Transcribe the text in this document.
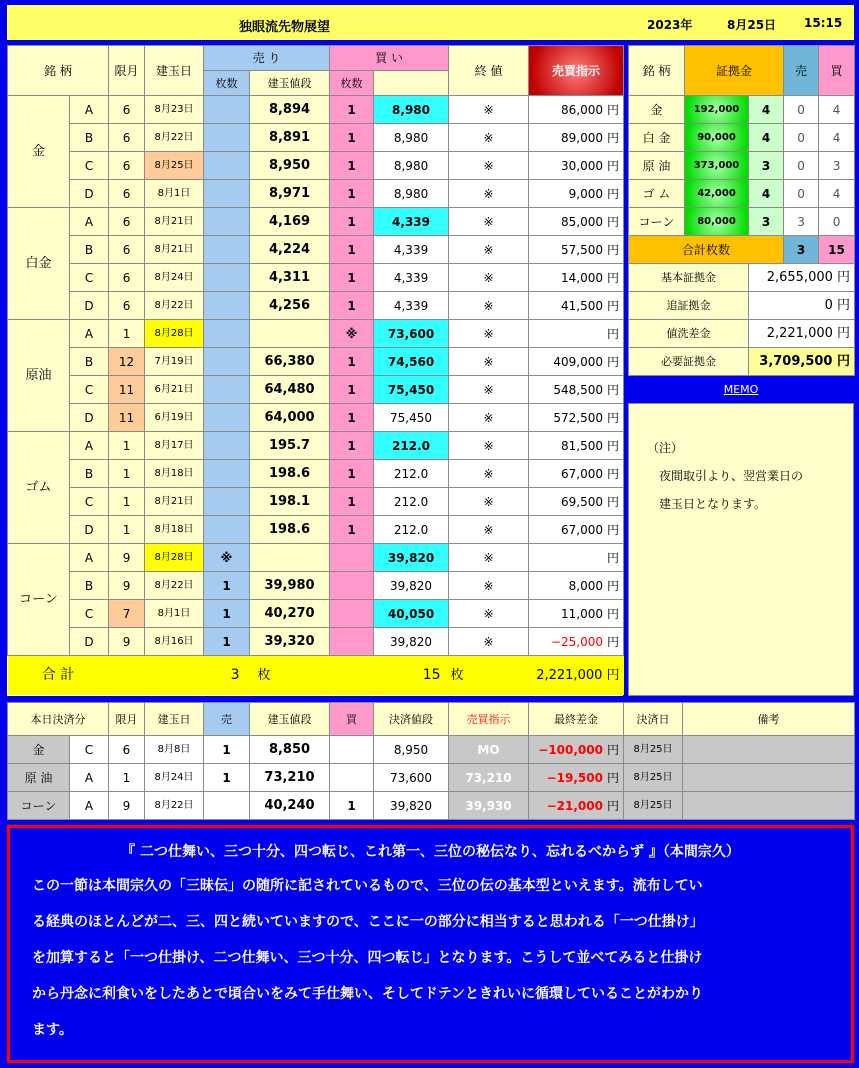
独眼流先物展望	2023年	8月25日 15:15
銘 柄		限月	建玉日	売 り		買 い		終 値	売買指示	
				枚数	建玉値段	枚数				
金	A	6	8月23日		8,894	1	8,980	※	86,000 円	
	B	6	8月22日		8,891	1	8,980	※	89,000 円	
	C	6	8月25日		8,950	1	8,980	※	30,000 円	
	D	6	8月1日		8,971	1	8,980	※	9,000 円	
白金	A	6	8月21日		4,169	1	4,339	※	85,000 円	
	B	6	8月21日		4,224	1	4,339	※	57,500 円	
	C	6	8月24日		4,311	1	4,339	※	14,000 円	
	D	6	8月22日		4,256	1	4,339	※	41,500 円	
原油	A	1	8月28日			※	73,600	※	円	
	B	12	7月19日		66,380	1	74,560	※	409,000 円	
	C	11	6月21日		64,480	1	75,450	※	548,500 円	
	D	11	6月19日		64,000	1	75,450	※	572,500 円	
ゴム	A	1	8月17日		195.7	1	212.0	※	81,500 円	
	B	1	8月18日		198.6	1	212.0	※	67,000 円	
	C	1	8月21日		198.1	1	212.0	※	69,500 円	
	D	1	8月18日		198.6	1	212.0	※	67,000 円	
コーン	A	9	8月28日	※			39,820	※	円	
	B	9	8月22日	1	39,980		39,820	※	8,000 円	
	C	7	8月1日	1	40,270		40,050	※	11,000 円	
	D	9	8月16日	1	39,320		39,820	※	−25,000 円	
合 計		3			枚	15		枚	2,221,000 円	
銘 柄	証拠金		売	買
金	192,000	4	0	4
白 金	90,000	4	0	4
原 油	373,000	3	0	3
ゴ ム	42,000	4	0	4
コーン	80,000	3	3	0
合計枚数			3	15
基本証拠金		2,655,000 円		
追証拠金		0 円		
値洗差金		2,221,000 円		
必要証拠金		3,709,500 円		
MEMO
（注）
夜間取引より、翌営業日の
建玉日となります。
本日決済分		限月	建玉日	売	建玉値段	買	決済値段	売買指示	最終差金	決済日	備考
金	C	6	8月8日	1	8,850		8,950	MO	−100,000 円	8月25日	
原 油	A	1	8月24日	1	73,210		73,600	73,210	−19,500 円	8月25日	
コーン	A	9	8月22日		40,240	1	39,820	39,930	−21,000 円	8月25日	
『 二つ仕舞い、三つ十分、四つ転じ、これ第一、三位の秘伝なり、忘れるべからず 』（本間宗久）
この一節は本間宗久の「三昧伝」の随所に記されているもので、三位の伝の基本型といえます。流布してい
る経典のほとんどが二、三、四と続いていますので、ここに一の部分に相当すると思われる「一つ仕掛け」
を加算すると「一つ仕掛け、二つ仕舞い、三つ十分、四つ転じ」となります。こうして並べてみると仕掛け
から丹念に利食いをしたあとで頃合いをみて手仕舞い、そしてドテンときれいに循環していることがわかり
ます。
